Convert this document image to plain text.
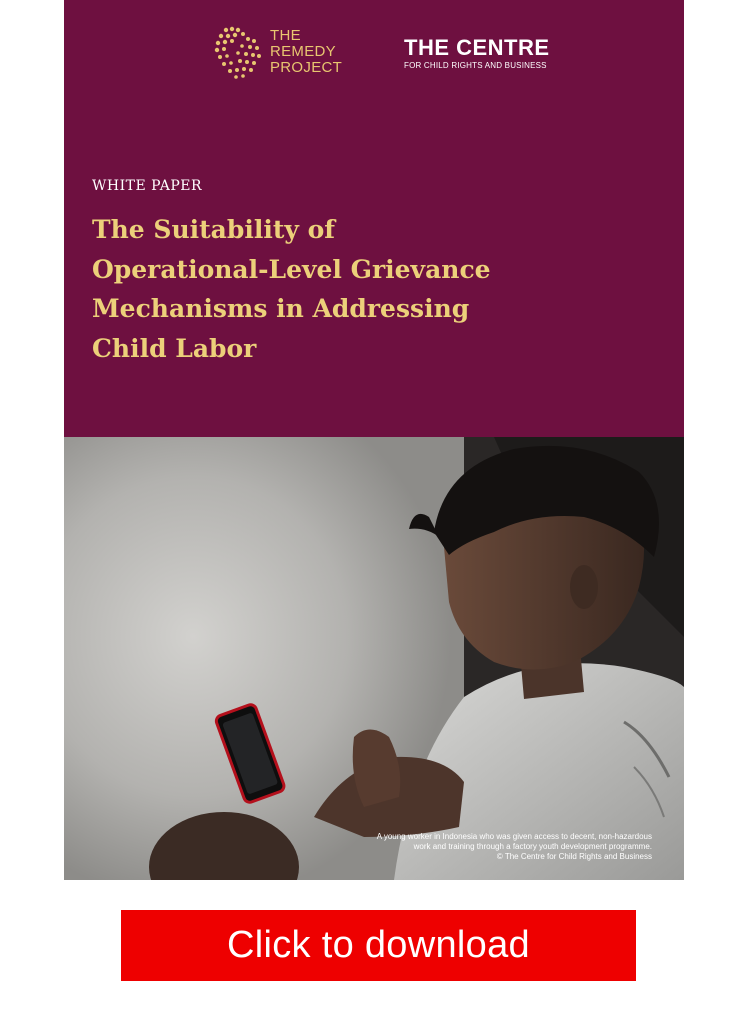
THE
REMEDY
PROJECT
THE CENTRE
FOR CHILD RIGHTS AND BUSINESS
WHITE PAPER
The Suitability of
Operational-Level Grievance
Mechanisms in Addressing
Child Labor
A young worker in Indonesia who was given access to decent, non-hazardous
work and training through a factory youth development programme.
© The Centre for Child Rights and Business
Click to download
